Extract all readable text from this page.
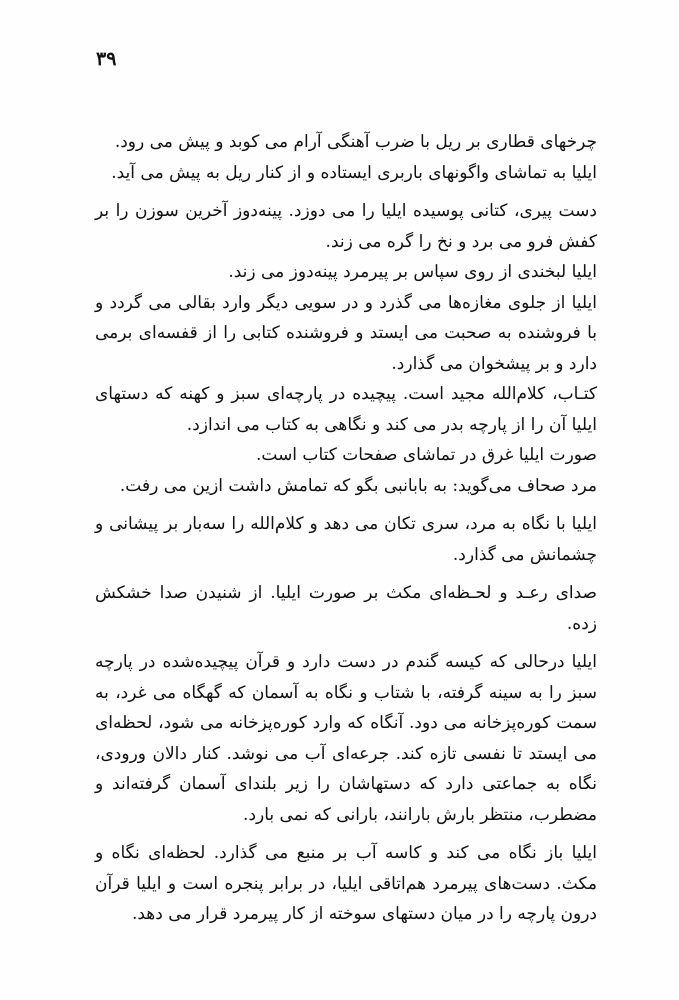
۳۹

چرخهای قطاری بر ریل با ضرب آهنگی آرام می کوبد و پیش می رود.

ایلیا به تماشای واگونهای باربری ایستاده و از کنار ریل به پیش می آید.

دست پیری، کتانی پوسیده ایلیا را می دوزد. پینه‌دوز آخرین سوزن را بر کفش فرو می برد و نخ را گره می زند.

ایلیا لبخندی از روی سپاس بر پیرمرد پینه‌دوز می زند.

ایلیا از جلوی مغازه‌ها می گذرد و در سویی دیگر وارد بقالی می گردد و با فروشنده به صحبت می ایستد و فروشنده کتابی را از قفسه‌ای برمی دارد و بر پیشخوان می گذارد.

کتـاب، کلام‌الله مجید است. پیچیده در پارچه‌ای سبز و کهنه که دستهای ایلیا آن را از پارچه بدر می کند و نگاهی به کتاب می اندازد.

صورت ایلیا غرق در تماشای صفحات کتاب است.

مرد صحاف می‌گوید: به بابانبی بگو که تمامش داشت ازین می رفت.

ایلیا با نگاه به مرد، سری تکان می دهد و کلام‌الله را سه‌بار بر پیشانی و چشمانش می گذارد.

صدای رعـد و لحـظه‌ای مکث بر صورت ایلیا. از شنیدن صدا خشکش زده.

ایلیا درحالی که کیسه گندم در دست دارد و قرآن پیچیده‌شده در پارچه سبز را به سینه گرفته، با شتاب و نگاه به آسمان که گهگاه می غرد، به سمت کوره‌پزخانه می دود. آنگاه که وارد کوره‌پزخانه می شود، لحظه‌ای می ایستد تا نفسی تازه کند. جرعه‌ای آب می نوشد. کنار دالان ورودی، نگاه به جماعتی دارد که دستهاشان را زیر بلندای آسمان گرفته‌اند و مضطرب، منتظر بارش بارانند، بارانی که نمی بارد.

ایلیا باز نگاه می کند و کاسه آب بر منبع می گذارد. لحظه‌ای نگاه و مکث. دست‌های پیرمرد هم‌اتاقی ایلیا، در برابر پنجره است و ایلیا قرآن درون پارچه را در میان دستهای سوخته از کار پیرمرد قرار می دهد.
